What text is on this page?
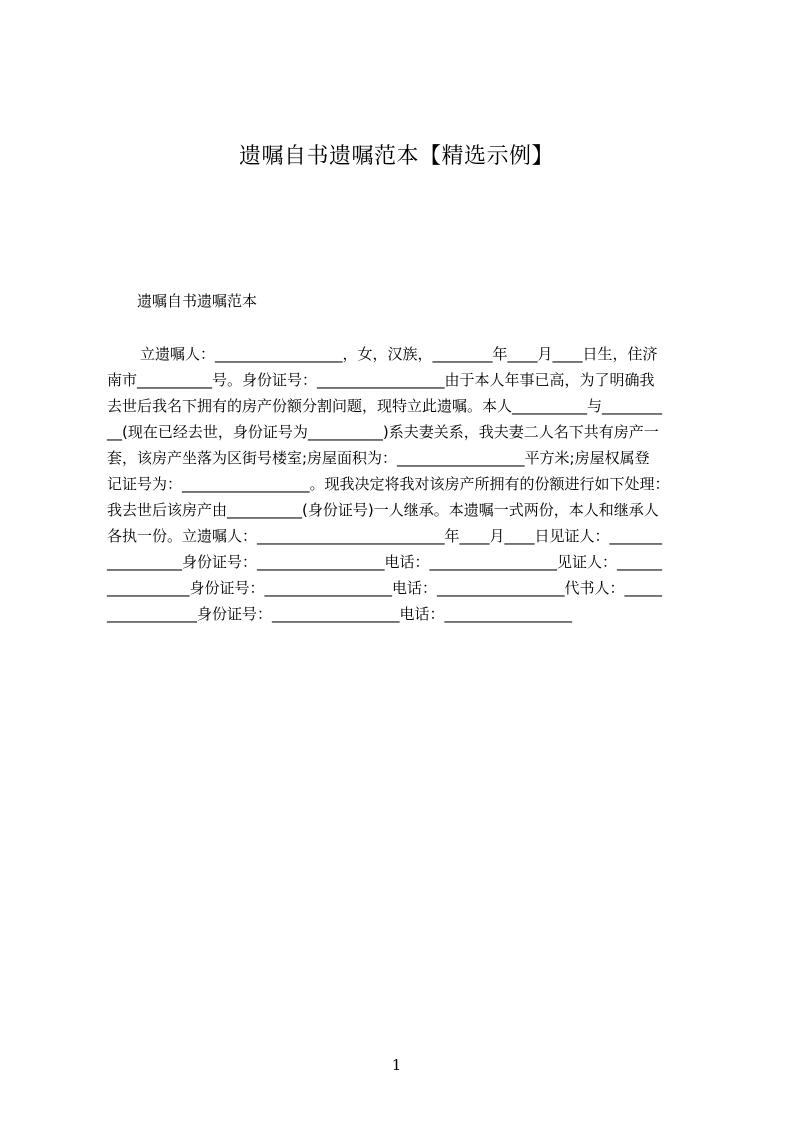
遗嘱自书遗嘱范本【精选示例】
遗嘱自书遗嘱范本
立遗嘱人：_________________，女，汉族，________年____月____日生，住济
南市__________号。身份证号：_________________由于本人年事已高，为了明确我
去世后我名下拥有的房产份额分割问题，现特立此遗嘱。本人__________与________
__(现在已经去世，身份证号为__________)系夫妻关系，我夫妻二人名下共有房产一
套，该房产坐落为区街号楼室;房屋面积为：_________________平方米;房屋权属登
记证号为：_________________。现我决定将我对该房产所拥有的份额进行如下处理：
我去世后该房产由__________(身份证号)一人继承。本遗嘱一式两份，本人和继承人
各执一份。立遗嘱人：_________________________年____月____日见证人：_______
__________身份证号：_________________电话：_________________见证人：______
___________身份证号：_________________电话：_________________代书人：_____
____________身份证号：_________________电话：_________________
1
